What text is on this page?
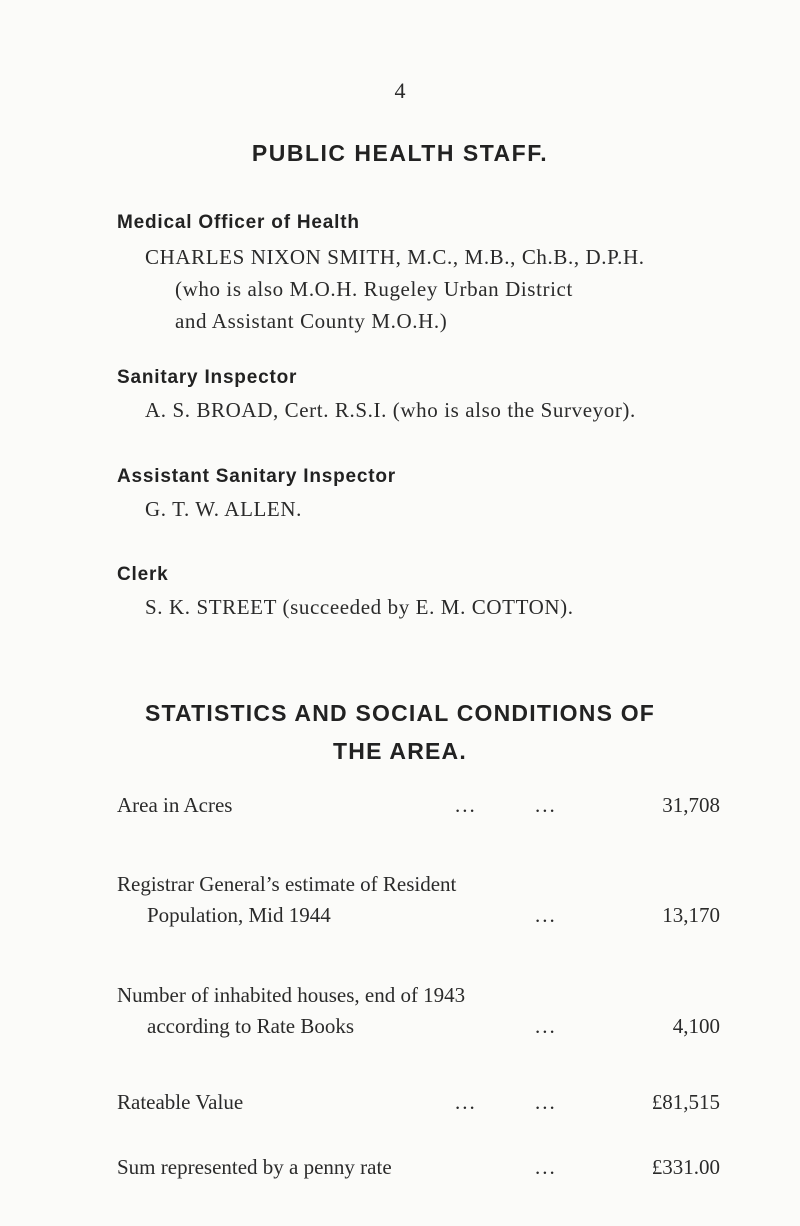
4
PUBLIC HEALTH STAFF.
Medical Officer of Health
CHARLES NIXON SMITH, M.C., M.B., Ch.B., D.P.H.
(who is also M.O.H. Rugeley Urban District
and Assistant County M.O.H.)
Sanitary Inspector
A. S. BROAD, Cert. R.S.I. (who is also the Surveyor).
Assistant Sanitary Inspector
G. T. W. ALLEN.
Clerk
S. K. STREET (succeeded by E. M. COTTON).
STATISTICS AND SOCIAL CONDITIONS OF
THE AREA.
Area in Acres	...	...	31,708
Registrar General’s estimate of Resident
Population, Mid 1944	...	13,170
Number of inhabited houses, end of 1943
according to Rate Books	...	4,100
Rateable Value	...	...	£81,515
Sum represented by a penny rate	...	£331.00
